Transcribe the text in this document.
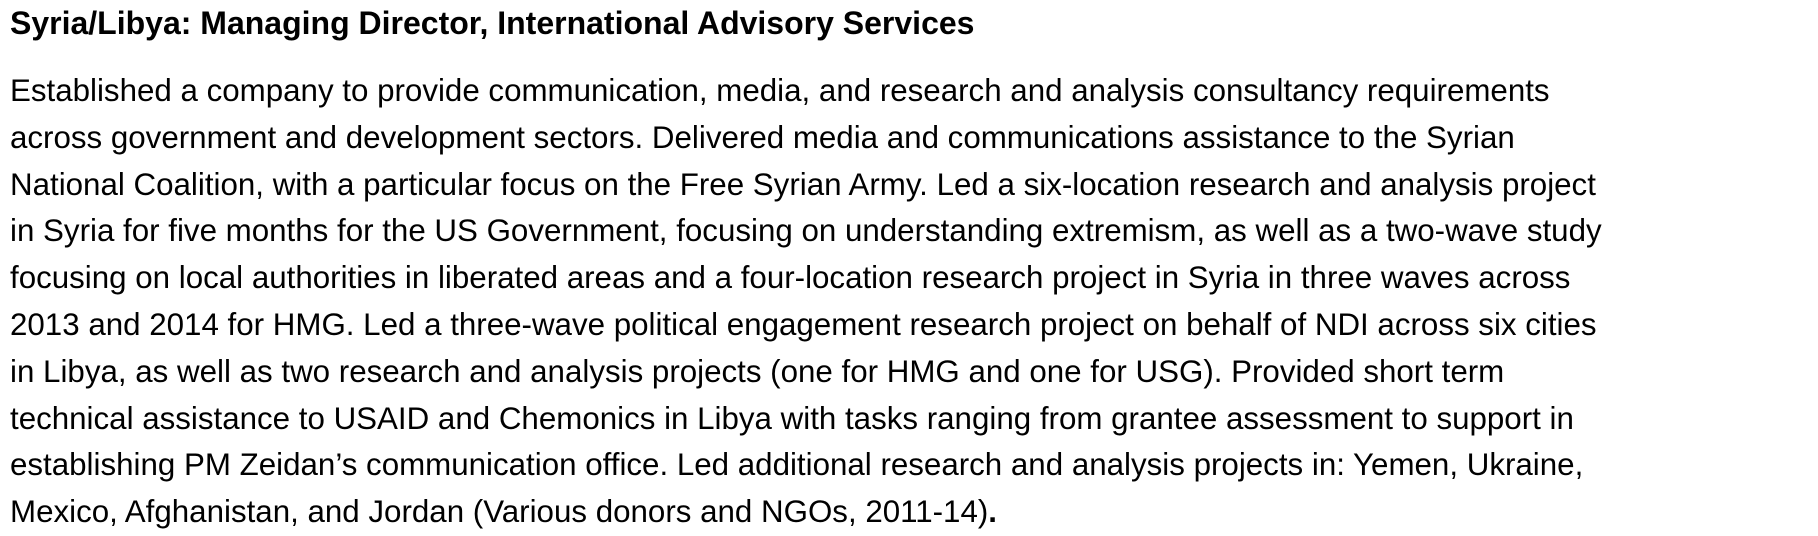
Syria/Libya: Managing Director, International Advisory Services
Established a company to provide communication, media, and research and analysis consultancy requirements
across government and development sectors. Delivered media and communications assistance to the Syrian
National Coalition, with a particular focus on the Free Syrian Army. Led a six-location research and analysis project
in Syria for five months for the US Government, focusing on understanding extremism, as well as a two-wave study
focusing on local authorities in liberated areas and a four-location research project in Syria in three waves across
2013 and 2014 for HMG. Led a three-wave political engagement research project on behalf of NDI across six cities
in Libya, as well as two research and analysis projects (one for HMG and one for USG). Provided short term
technical assistance to USAID and Chemonics in Libya with tasks ranging from grantee assessment to support in
establishing PM Zeidan’s communication office. Led additional research and analysis projects in: Yemen, Ukraine,
Mexico, Afghanistan, and Jordan (Various donors and NGOs, 2011-14).
